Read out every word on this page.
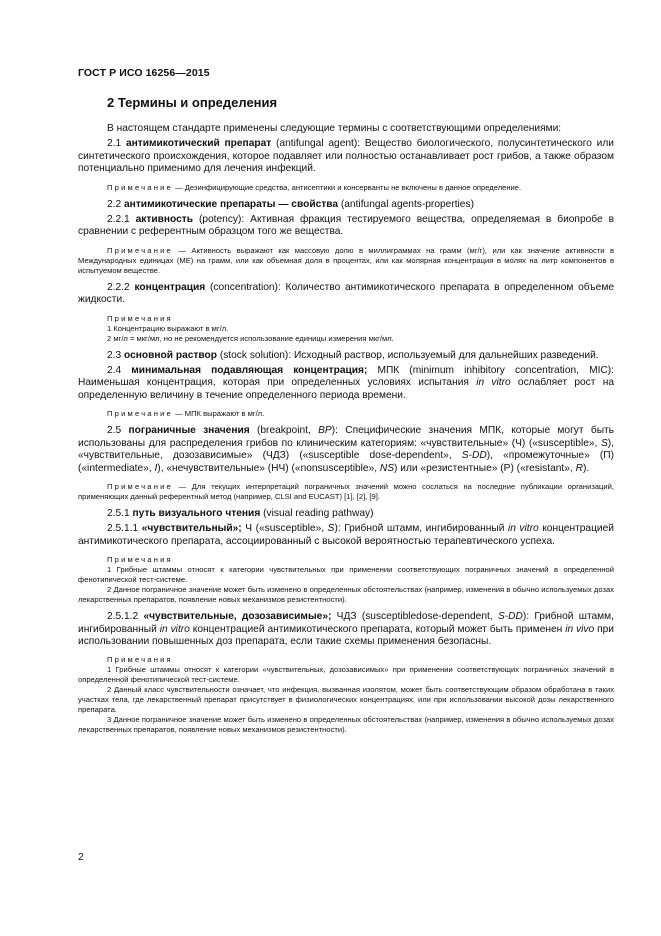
ГОСТ Р ИСО 16256—2015
2 Термины и определения

В настоящем стандарте применены следующие термины с соответствующими определениями:

2.1 антимикотический препарат (antifungal agent): Вещество биологического, полусинтетического или синтетического происхождения, которое подавляет или полностью останавливает рост грибов, а также образом потенциально применимо для лечения инфекций.

Примечание — Дезинфицирующие средства, антисептики и консерванты не включены в данное определение.

2.2 антимикотические препараты — свойства (antifungal agents-properties)

2.2.1 активность (potency): Активная фракция тестируемого вещества, определяемая в биопробе в сравнении с референтным образцом того же вещества.

Примечание — Активность выражают как массовую долю в миллиграммах на грамм (мг/г), или как значение активности в Международных единицах (МЕ) на грамм, или как объемная доля в процентах, или как молярная концентрация в молях на литр компонентов в испытуемом веществе.

2.2.2 концентрация (concentration): Количество антимикотического препарата в определенном объеме жидкости.

Примечания

1 Концентрацию выражают в мг/л.

2 мг/л = мкг/мл, но не рекомендуется использование единицы измерения мкг/мл.

2.3 основной раствор (stock solution): Исходный раствор, используемый для дальнейших разведений.

2.4 минимальная подавляющая концентрация; МПК (minimum inhibitory concentration, MIC): Наименьшая концентрация, которая при определенных условиях испытания in vitro ослабляет рост на определенную величину в течение определенного периода времени.

Примечание — МПК выражают в мг/л.

2.5 пограничные значения (breakpoint, BP): Специфические значения МПК, которые могут быть использованы для распределения грибов по клиническим категориям: «чувствительные» (Ч) («susceptible», S), «чувствительные, дозозависимые» (ЧДЗ) («susceptible dose-dependent», S-DD), «промежуточные» (П) («intermediate», I), «нечувствительные» (НЧ) («nonsusceptible», NS) или «резистентные» (Р) («resistant», R).

Примечание — Для текущих интерпретаций пограничных значений можно сослаться на последние публикации организаций, применяющих данный референтный метод (например, CLSI and EUCAST) [1], [2], [9].

2.5.1 путь визуального чтения (visual reading pathway)

2.5.1.1 «чувствительный»; Ч («susceptible», S): Грибной штамм, ингибированный in vitro концентрацией антимикотического препарата, ассоциированный с высокой вероятностью терапевтического успеха.

Примечания

1 Грибные штаммы относят к категории чувствительных при применении соответствующих пограничных значений в определенной фенотипической тест-системе.

2 Данное пограничное значение может быть изменено в определенных обстоятельствах (например, изменения в обычно используемых дозах лекарственных препаратов, появление новых механизмов резистентности).

2.5.1.2 «чувствительные, дозозависимые»; ЧДЗ (susceptibledose-dependent, S-DD): Грибной штамм, ингибированный in vitro концентрацией антимикотического препарата, который может быть применен in vivo при использовании повышенных доз препарата, если такие схемы применения безопасны.

Примечания

1 Грибные штаммы относят к категории «чувствительных, дозозависимых» при применении соответствующих пограничных значений в определенной фенотипической тест-системе.

2 Данный класс чувствительности означает, что инфекция, вызванная изолятом, может быть соответствующим образом обработана в таких участках тела, где лекарственный препарат присутствует в физиологических концентрациях, или при использовании высокой дозы лекарственного препарата.

3 Данное пограничное значение может быть изменено в определенных обстоятельствах (например, изменения в обычно используемых дозах лекарственных препаратов, появление новых механизмов резистентности).

2
